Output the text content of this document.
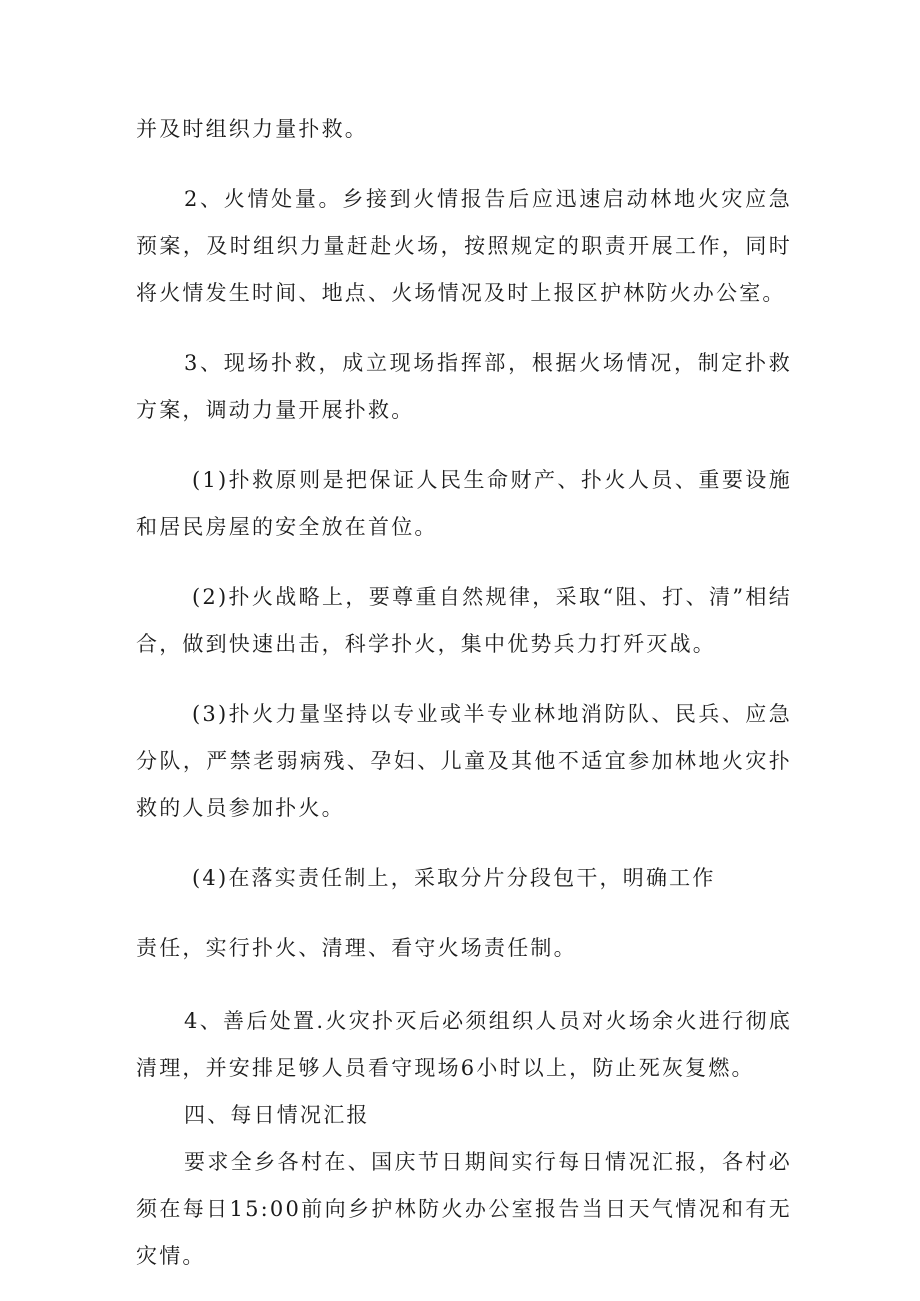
并及时组织力量扑救。

2、火情处量。乡接到火情报告后应迅速启动林地火灾应急预案，及时组织力量赶赴火场，按照规定的职责开展工作，同时将火情发生时间、地点、火场情况及时上报区护林防火办公室。

3、现场扑救，成立现场指挥部，根据火场情况，制定扑救方案，调动力量开展扑救。

(1)扑救原则是把保证人民生命财产、扑火人员、重要设施和居民房屋的安全放在首位。

(2)扑火战略上，要尊重自然规律，采取“阻、打、清”相结合，做到快速出击，科学扑火，集中优势兵力打歼灭战。

(3)扑火力量坚持以专业或半专业林地消防队、民兵、应急分队，严禁老弱病残、孕妇、儿童及其他不适宜参加林地火灾扑救的人员参加扑火。

(4)在落实责任制上，采取分片分段包干，明确工作

责任，实行扑火、清理、看守火场责任制。

4、善后处置.火灾扑灭后必须组织人员对火场余火进行彻底清理，并安排足够人员看守现场6小时以上，防止死灰复燃。

四、每日情况汇报

要求全乡各村在、国庆节日期间实行每日情况汇报，各村必须在每日15:00前向乡护林防火办公室报告当日天气情况和有无灾情。
